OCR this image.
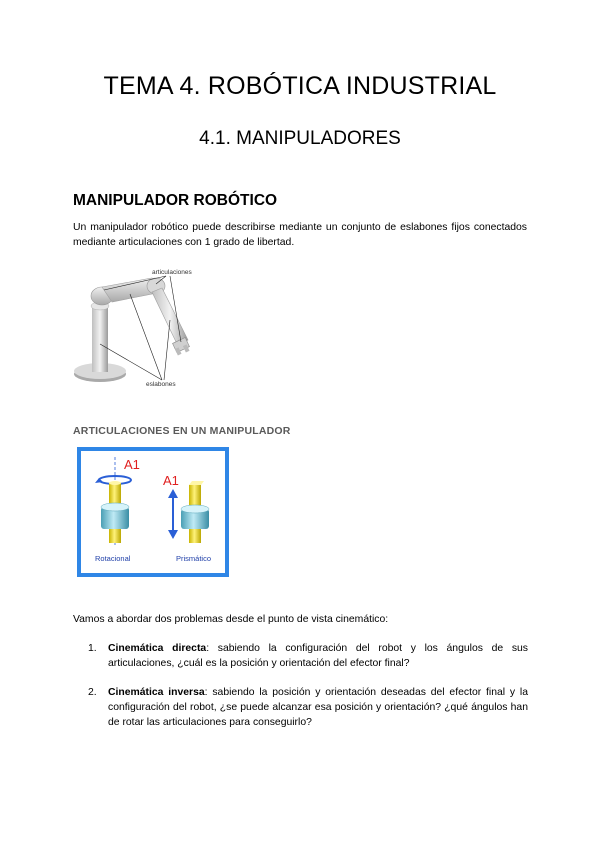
TEMA 4. ROBÓTICA INDUSTRIAL
4.1. MANIPULADORES
MANIPULADOR ROBÓTICO

Un manipulador robótico puede describirse mediante un conjunto de eslabones fijos conectados mediante articulaciones con 1 grado de libertad.

articulaciones
eslabones
ARTICULACIONES EN UN MANIPULADOR
A1
Rotacional
A1
Prismático

Vamos a abordar dos problemas desde el punto de vista cinemático:

1. Cinemática directa: sabiendo la configuración del robot y los ángulos de sus articulaciones, ¿cuál es la posición y orientación del efector final?
2. Cinemática inversa: sabiendo la posición y orientación deseadas del efector final y la configuración del robot, ¿se puede alcanzar esa posición y orientación? ¿qué ángulos han de rotar las articulaciones para conseguirlo?
